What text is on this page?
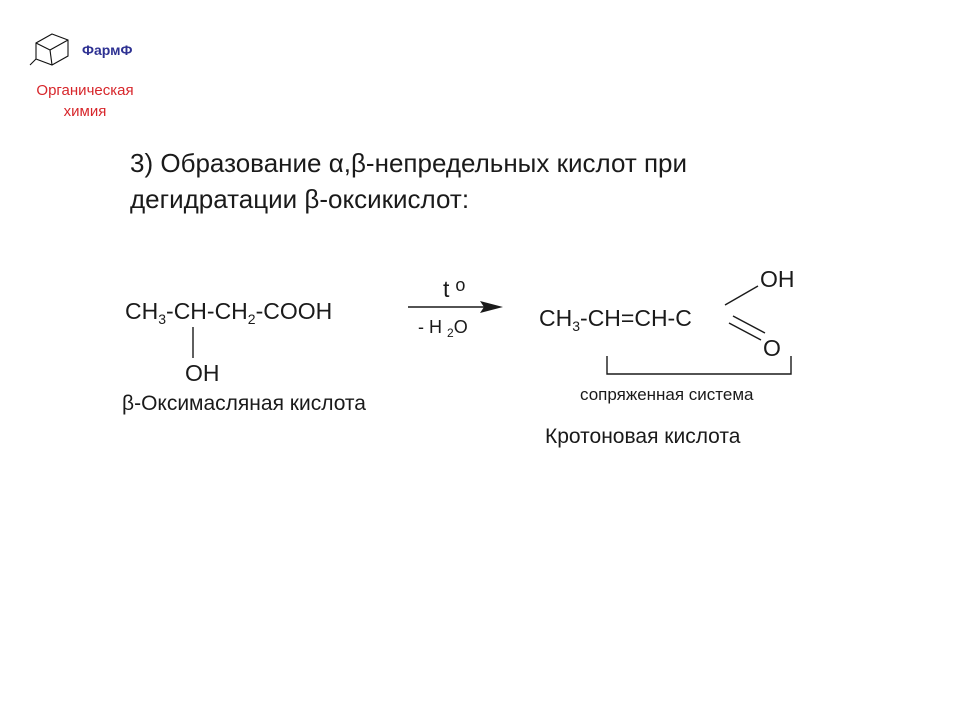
ФармФ
Органическая
химия
3) Образование α,β-непредельных кислот при
дегидратации β-оксикислот:
$CH_3-CH-CH_2$-COOH
OH
β-Оксимасляная кислота
t o
- H $_2$O	$CH_3-CH=CH-C$
OH
O
сопряженная система
Кротоновая кислота
